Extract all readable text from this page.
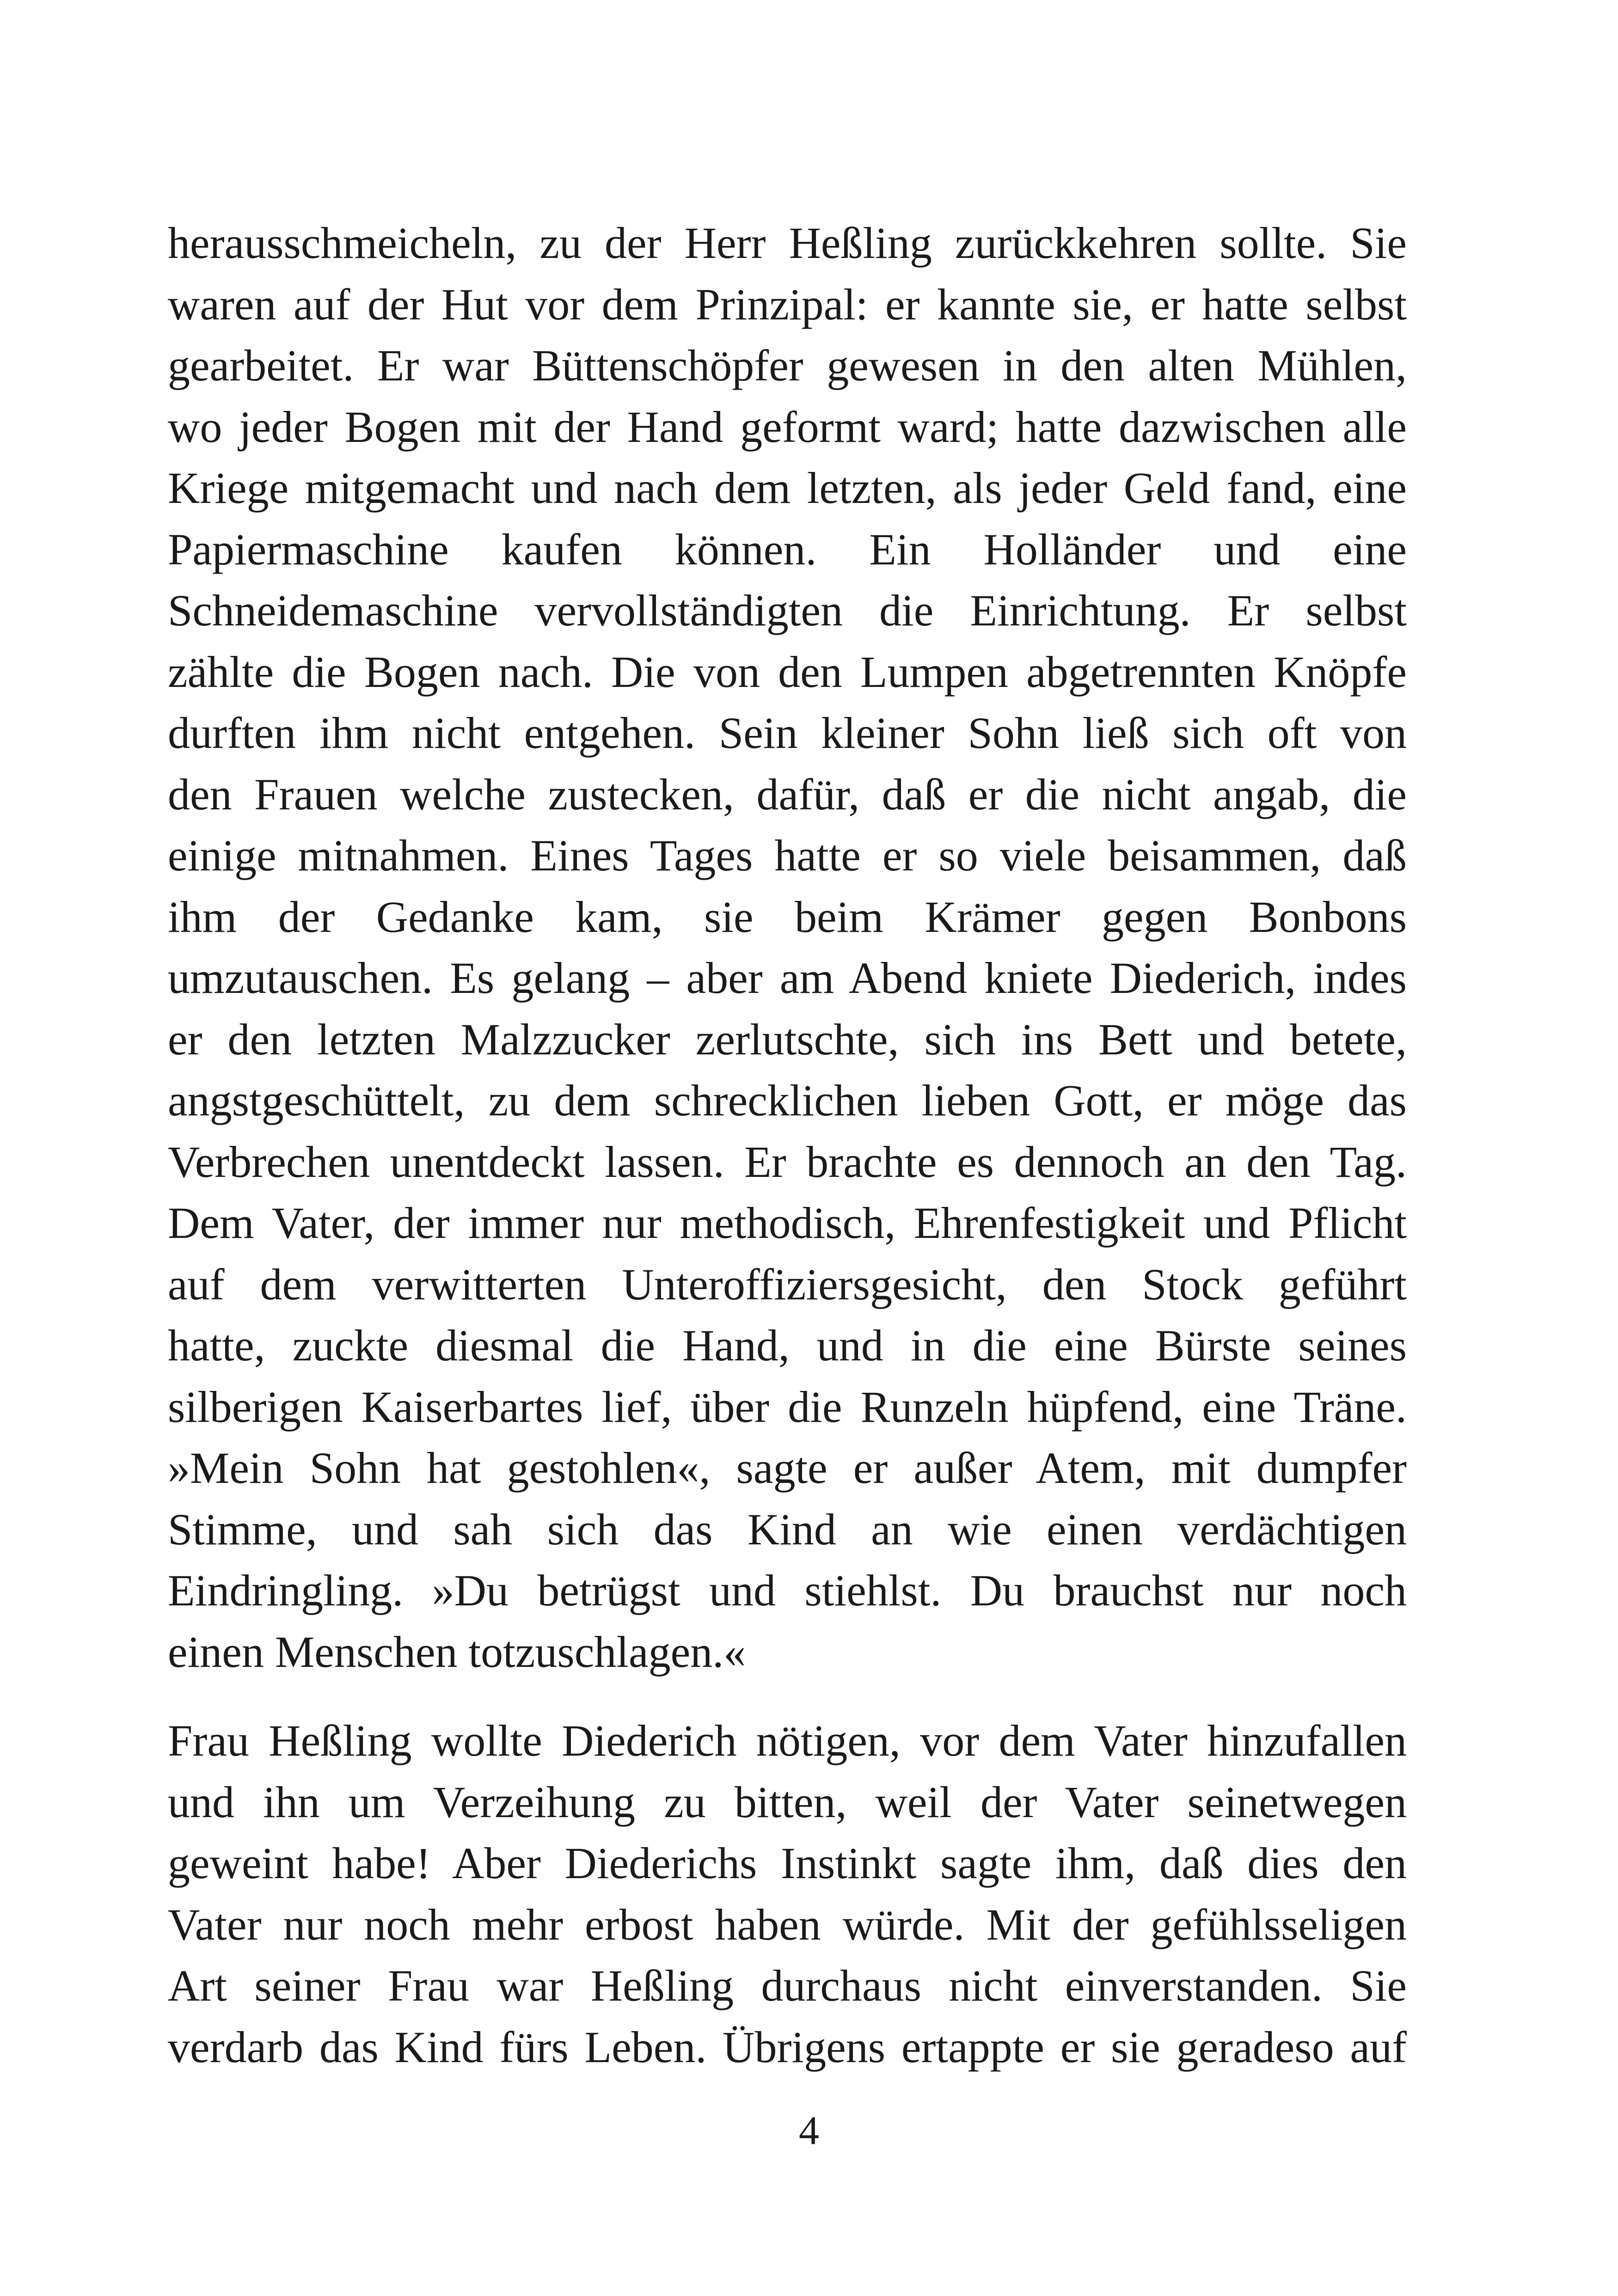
herausschmeicheln, zu der Herr Heßling zurückkehren sollte. Sie
waren auf der Hut vor dem Prinzipal: er kannte sie, er hatte selbst
gearbeitet. Er war Büttenschöpfer gewesen in den alten Mühlen,
wo jeder Bogen mit der Hand geformt ward; hatte dazwischen alle
Kriege mitgemacht und nach dem letzten, als jeder Geld fand, eine
Papiermaschine kaufen können. Ein Holländer und eine
Schneidemaschine vervollständigten die Einrichtung. Er selbst
zählte die Bogen nach. Die von den Lumpen abgetrennten Knöpfe
durften ihm nicht entgehen. Sein kleiner Sohn ließ sich oft von
den Frauen welche zustecken, dafür, daß er die nicht angab, die
einige mitnahmen. Eines Tages hatte er so viele beisammen, daß
ihm der Gedanke kam, sie beim Krämer gegen Bonbons
umzutauschen. Es gelang – aber am Abend kniete Diederich, indes
er den letzten Malzzucker zerlutschte, sich ins Bett und betete,
angstgeschüttelt, zu dem schrecklichen lieben Gott, er möge das
Verbrechen unentdeckt lassen. Er brachte es dennoch an den Tag.
Dem Vater, der immer nur methodisch, Ehrenfestigkeit und Pflicht
auf dem verwitterten Unteroffiziersgesicht, den Stock geführt
hatte, zuckte diesmal die Hand, und in die eine Bürste seines
silberigen Kaiserbartes lief, über die Runzeln hüpfend, eine Träne.
»Mein Sohn hat gestohlen«, sagte er außer Atem, mit dumpfer
Stimme, und sah sich das Kind an wie einen verdächtigen
Eindringling. »Du betrügst und stiehlst. Du brauchst nur noch
einen Menschen totzuschlagen.«
Frau Heßling wollte Diederich nötigen, vor dem Vater hinzufallen
und ihn um Verzeihung zu bitten, weil der Vater seinetwegen
geweint habe! Aber Diederichs Instinkt sagte ihm, daß dies den
Vater nur noch mehr erbost haben würde. Mit der gefühlsseligen
Art seiner Frau war Heßling durchaus nicht einverstanden. Sie
verdarb das Kind fürs Leben. Übrigens ertappte er sie geradeso auf
4
